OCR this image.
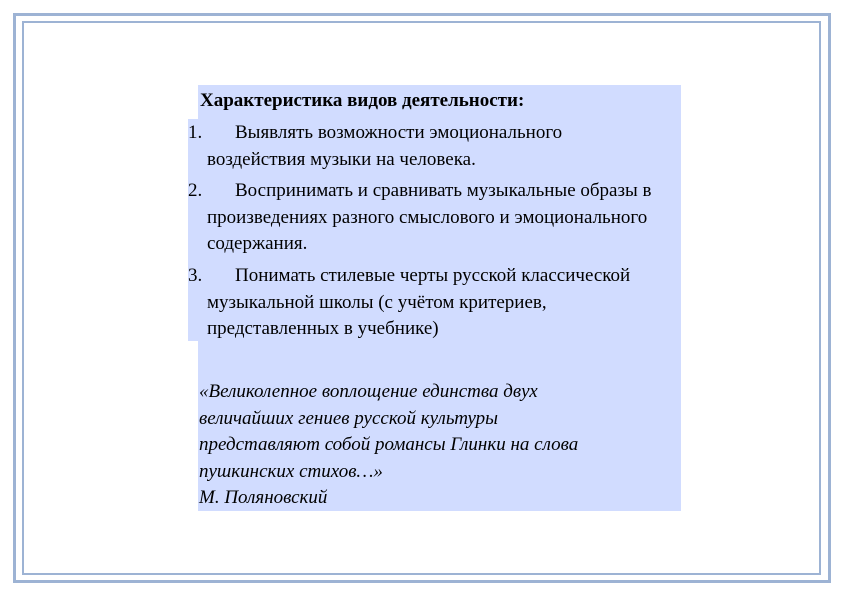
Характеристика видов деятельности:
1.	Выявлять возможности эмоционального воздействия музыки на человека.
2.	Воспринимать и сравнивать музыкальные образы в произведениях разного смыслового и эмоционального содержания.
3.	Понимать стилевые черты русской классической музыкальной школы (с учётом критериев, представленных в учебнике)
«Великолепное воплощение единства двух
величайших гениев русской культуры
представляют собой романсы Глинки на слова
пушкинских стихов…»
М. Поляновский
